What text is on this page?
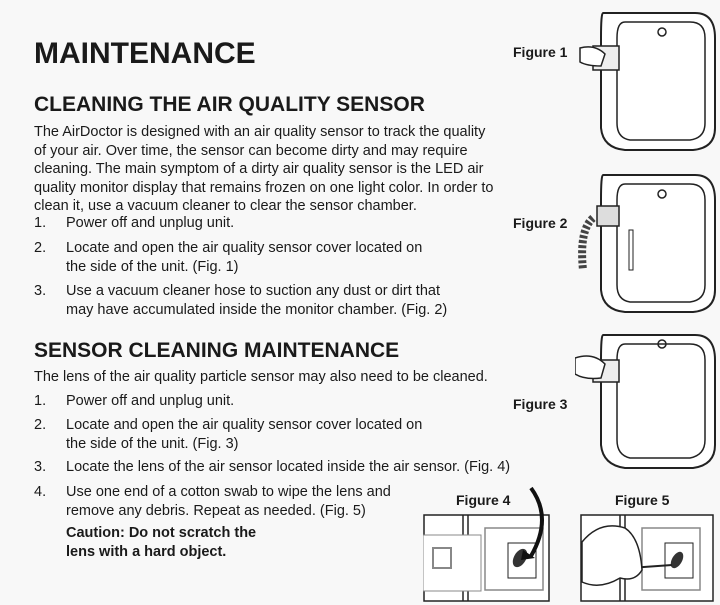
MAINTENANCE
CLEANING THE AIR QUALITY SENSOR
The AirDoctor is designed with an air quality sensor to track the quality
of your air. Over time, the sensor can become dirty and may require
cleaning. The main symptom of a dirty air quality sensor is the LED air
quality monitor display that remains frozen on one light color. In order to
clean it, use a vacuum cleaner to clear the sensor chamber.
1.	Power off and unplug unit.
2.	Locate and open the air quality sensor cover located on
the side of the unit. (Fig. 1)
3.	Use a vacuum cleaner hose to suction any dust or dirt that
may have accumulated inside the monitor chamber. (Fig. 2)
SENSOR CLEANING MAINTENANCE
The lens of the air quality particle sensor may also need to be cleaned.
1.	Power off and unplug unit.
2.	Locate and open the air quality sensor cover located on
the side of the unit. (Fig. 3)
3.	Locate the lens of the air sensor located inside the air sensor. (Fig. 4)
4.	Use one end of a cotton swab to wipe the lens and
remove any debris. Repeat as needed. (Fig. 5)
Caution: Do not scratch the
lens with a hard object.
Figure 1
Figure 2
Figure 3
Figure 4	Figure 5
